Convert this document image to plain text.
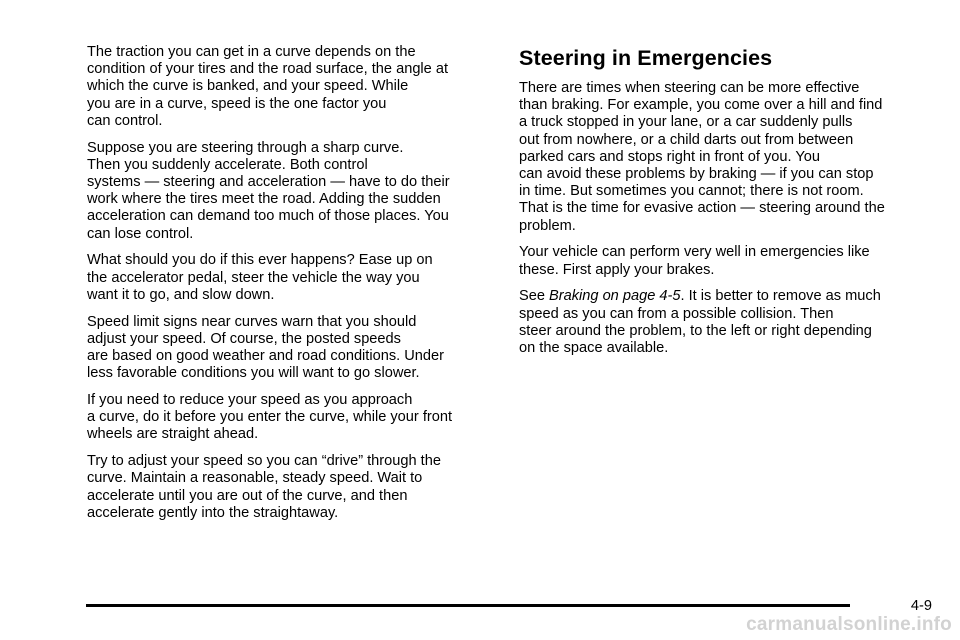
The traction you can get in a curve depends on the
condition of your tires and the road surface, the angle at
which the curve is banked, and your speed. While
you are in a curve, speed is the one factor you
can control.

Suppose you are steering through a sharp curve.
Then you suddenly accelerate. Both control
systems — steering and acceleration — have to do their
work where the tires meet the road. Adding the sudden
acceleration can demand too much of those places. You
can lose control.

What should you do if this ever happens? Ease up on
the accelerator pedal, steer the vehicle the way you
want it to go, and slow down.

Speed limit signs near curves warn that you should
adjust your speed. Of course, the posted speeds
are based on good weather and road conditions. Under
less favorable conditions you will want to go slower.

If you need to reduce your speed as you approach
a curve, do it before you enter the curve, while your front
wheels are straight ahead.

Try to adjust your speed so you can “drive” through the
curve. Maintain a reasonable, steady speed. Wait to
accelerate until you are out of the curve, and then
accelerate gently into the straightaway.

Steering in Emergencies

There are times when steering can be more effective
than braking. For example, you come over a hill and find
a truck stopped in your lane, or a car suddenly pulls
out from nowhere, or a child darts out from between
parked cars and stops right in front of you. You
can avoid these problems by braking — if you can stop
in time. But sometimes you cannot; there is not room.
That is the time for evasive action — steering around the
problem.

Your vehicle can perform very well in emergencies like
these. First apply your brakes.

See Braking on page 4-5. It is better to remove as much
speed as you can from a possible collision. Then
steer around the problem, to the left or right depending
on the space available.

4-9
carmanualsonline.info
